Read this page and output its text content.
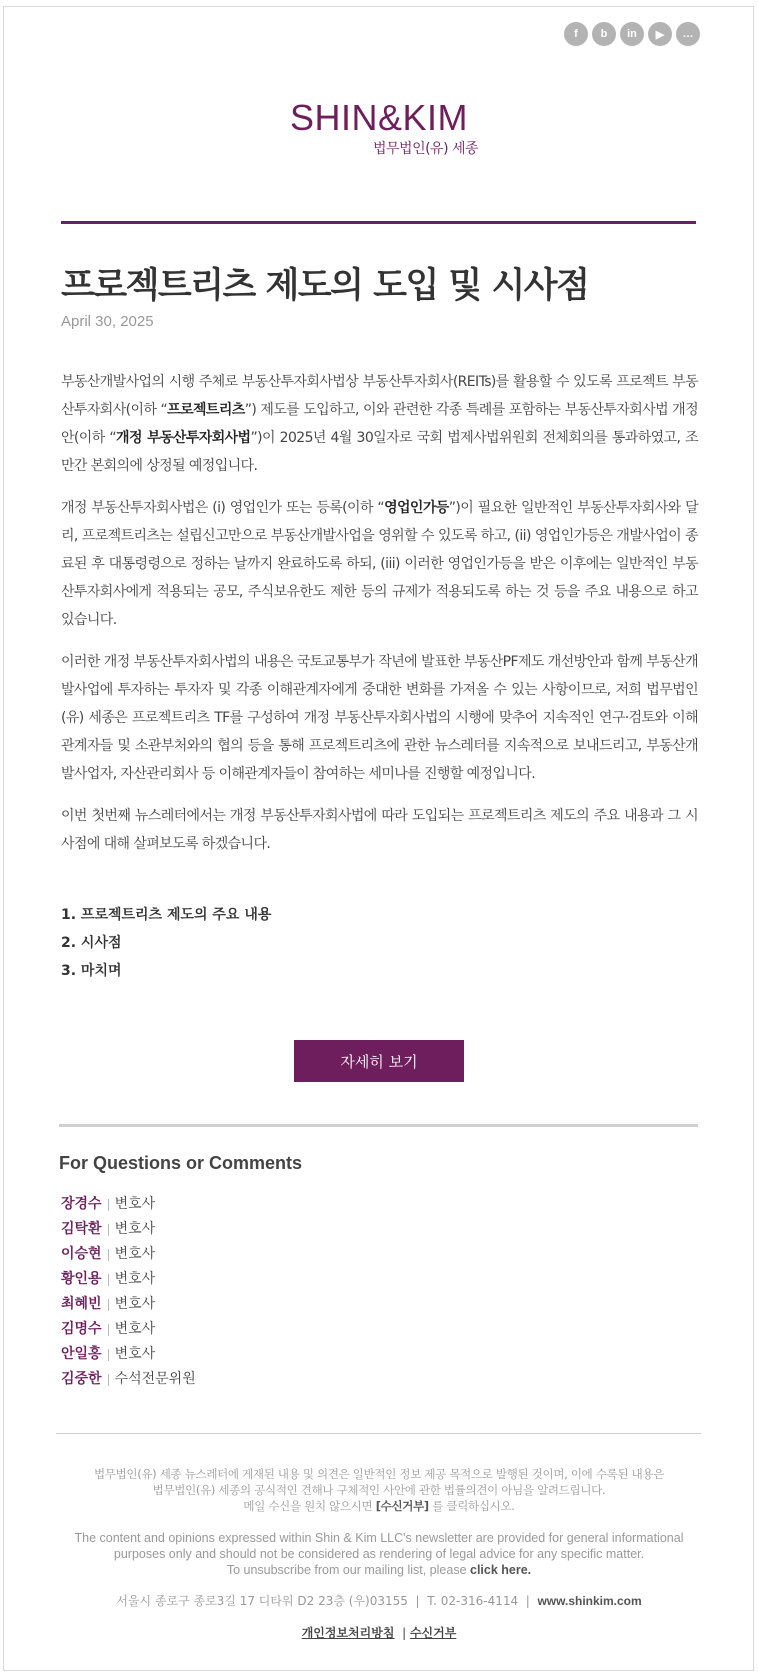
f	b	in	▶	…
SHIN&KIM
법무법인(유) 세종
프로젝트리츠 제도의 도입 및 시사점
April 30, 2025

부동산개발사업의 시행 주체로 부동산투자회사법상 부동산투자회사(REITs)를 활용할 수 있도록 프로젝트 부동산투자회사(이하 “프로젝트리츠”) 제도를 도입하고, 이와 관련한 각종 특례를 포함하는 부동산투자회사법 개정안(이하 “개정 부동산투자회사법”)이 2025년 4월 30일자로 국회 법제사법위원회 전체회의를 통과하였고, 조만간 본회의에 상정될 예정입니다.

개정 부동산투자회사법은 (i) 영업인가 또는 등록(이하 “영업인가등”)이 필요한 일반적인 부동산투자회사와 달리, 프로젝트리츠는 설립신고만으로 부동산개발사업을 영위할 수 있도록 하고, (ii) 영업인가등은 개발사업이 종료된 후 대통령령으로 정하는 날까지 완료하도록 하되, (iii) 이러한 영업인가등을 받은 이후에는 일반적인 부동산투자회사에게 적용되는 공모, 주식보유한도 제한 등의 규제가 적용되도록 하는 것 등을 주요 내용으로 하고 있습니다.

이러한 개정 부동산투자회사법의 내용은 국토교통부가 작년에 발표한 부동산PF제도 개선방안과 함께 부동산개발사업에 투자하는 투자자 및 각종 이해관계자에게 중대한 변화를 가져올 수 있는 사항이므로, 저희 법무법인(유) 세종은 프로젝트리츠 TF를 구성하여 개정 부동산투자회사법의 시행에 맞추어 지속적인 연구·검토와 이해관계자들 및 소관부처와의 협의 등을 통해 프로젝트리츠에 관한 뉴스레터를 지속적으로 보내드리고, 부동산개발사업자, 자산관리회사 등 이해관계자들이 참여하는 세미나를 진행할 예정입니다.

이번 첫번째 뉴스레터에서는 개정 부동산투자회사법에 따라 도입되는 프로젝트리츠 제도의 주요 내용과 그 시사점에 대해 살펴보도록 하겠습니다.

1. 프로젝트리츠 제도의 주요 내용
2. 시사점
3. 마치며
자세히 보기
For Questions or Comments
장경수 변호사
김탁환 변호사
이승현 변호사
황인용 변호사
최혜빈 변호사
김명수 변호사
안일홍 변호사
김중한 수석전문위원
법무법인(유) 세종 뉴스레터에 게재된 내용 및 의견은 일반적인 정보 제공 목적으로 발행된 것이며, 이에 수록된 내용은
법무법인(유) 세종의 공식적인 견해나 구체적인 사안에 관한 법률의견이 아님을 알려드립니다.
메일 수신을 원치 않으시면 [수신거부] 를 클릭하십시오.
The content and opinions expressed within Shin & Kim LLC's newsletter are provided for general informational
purposes only and should not be considered as rendering of legal advice for any specific matter.
To unsubscribe from our mailing list, please click here.
서울시 종로구 종로3길 17 디타워 D2 23층 (우)03155  |  T. 02-316-4114  |  www.shinkim.com
개인정보처리방침  | 수신거부
